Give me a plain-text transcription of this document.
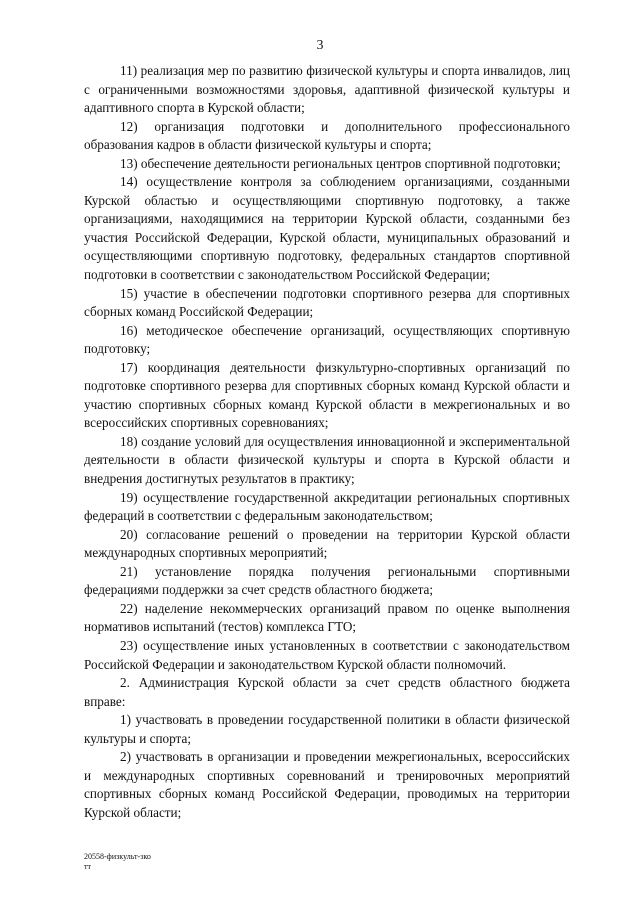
3

11) реализация мер по развитию физической культуры и спорта инвалидов, лиц с ограниченными возможностями здоровья, адаптивной физической культуры и адаптивного спорта в Курской области;

12) организация подготовки и дополнительного профессионального образования кадров в области физической культуры и спорта;

13) обеспечение деятельности региональных центров спортивной подготовки;

14) осуществление контроля за соблюдением организациями, созданными Курской областью и осуществляющими спортивную подготовку, а также организациями, находящимися на территории Курской области, созданными без участия Российской Федерации, Курской области, муниципальных образований и осуществляющими спортивную подготовку, федеральных стандартов спортивной подготовки в соответствии с законодательством Российской Федерации;

15) участие в обеспечении подготовки спортивного резерва для спортивных сборных команд Российской Федерации;

16) методическое обеспечение организаций, осуществляющих спортивную подготовку;

17) координация деятельности физкультурно-спортивных организаций по подготовке спортивного резерва для спортивных сборных команд Курской области и участию спортивных сборных команд Курской области в межрегиональных и во всероссийских спортивных соревнованиях;

18) создание условий для осуществления инновационной и экспериментальной деятельности в области физической культуры и спорта в Курской области и внедрения достигнутых результатов в практику;

19) осуществление государственной аккредитации региональных спортивных федераций в соответствии с федеральным законодательством;

20) согласование решений о проведении на территории Курской области международных спортивных мероприятий;

21) установление порядка получения региональными спортивными федерациями поддержки за счет средств областного бюджета;

22) наделение некоммерческих организаций правом по оценке выполнения нормативов испытаний (тестов) комплекса ГТО;

23) осуществление иных установленных в соответствии с законодательством Российской Федерации и законодательством Курской области полномочий.

2. Администрация Курской области за счет средств областного бюджета вправе:

1) участвовать в проведении государственной политики в области физической культуры и спорта;

2) участвовать в организации и проведении межрегиональных, всероссийских и международных спортивных соревнований и тренировочных мероприятий спортивных сборных команд Российской Федерации, проводимых на территории Курской области;

20558-физкульт-зко
тт
